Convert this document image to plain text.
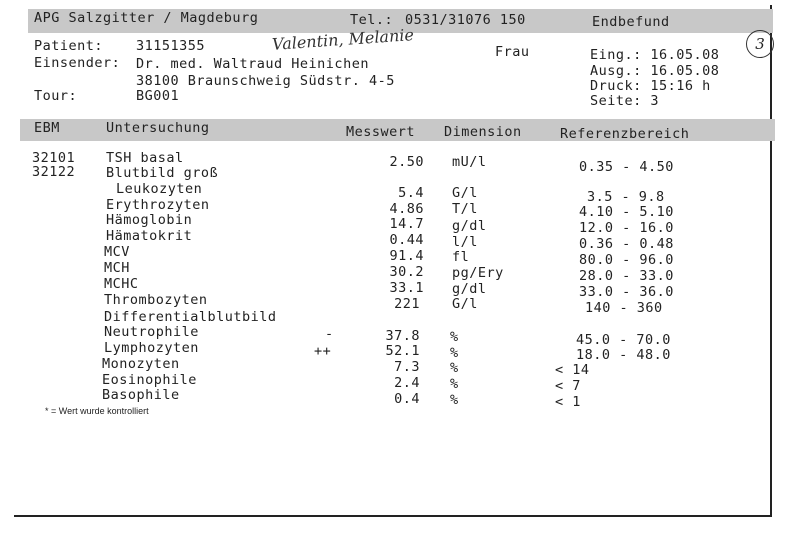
APG Salzgitter / Magdeburg	Tel.: 0531/31076 150	Endbefund
Patient: 31151355	Valentin, Melanie	Frau
Einsender: Dr. med. Waltraud Heinichen
38100 Braunschweig Südstr. 4-5
Tour:	BG001
Eing.: 16.05.08
Ausg.: 16.05.08
Druck: 15:16 h
Seite: 3
3
EBM	Untersuchung	Messwert Dimension	Referenzbereich
32101 TSH basal	2.50 mU/l	0.35 - 4.50
32122 Blutbild groß
Leukozyten	5.4 G/l	3.5 - 9.8
Erythrozyten	4.86 T/l	4.10 - 5.10
Hämoglobin	14.7 g/dl	12.0 - 16.0
Hämatokrit	0.44 l/l	0.36 - 0.48
MCV	91.4 fl	80.0 - 96.0
MCH	30.2 pg/Ery	28.0 - 33.0
MCHC	33.1 g/dl	33.0 - 36.0
Thrombozyten	221 G/l	140 - 360
Differentialblutbild
Neutrophile	-	37.8 %	45.0 - 70.0
Lymphozyten	++	52.1 %	18.0 - 48.0
Monozyten	7.3 %	< 14
Eosinophile	2.4 %	< 7
Basophile	0.4 %	< 1
* = Wert wurde kontrolliert
